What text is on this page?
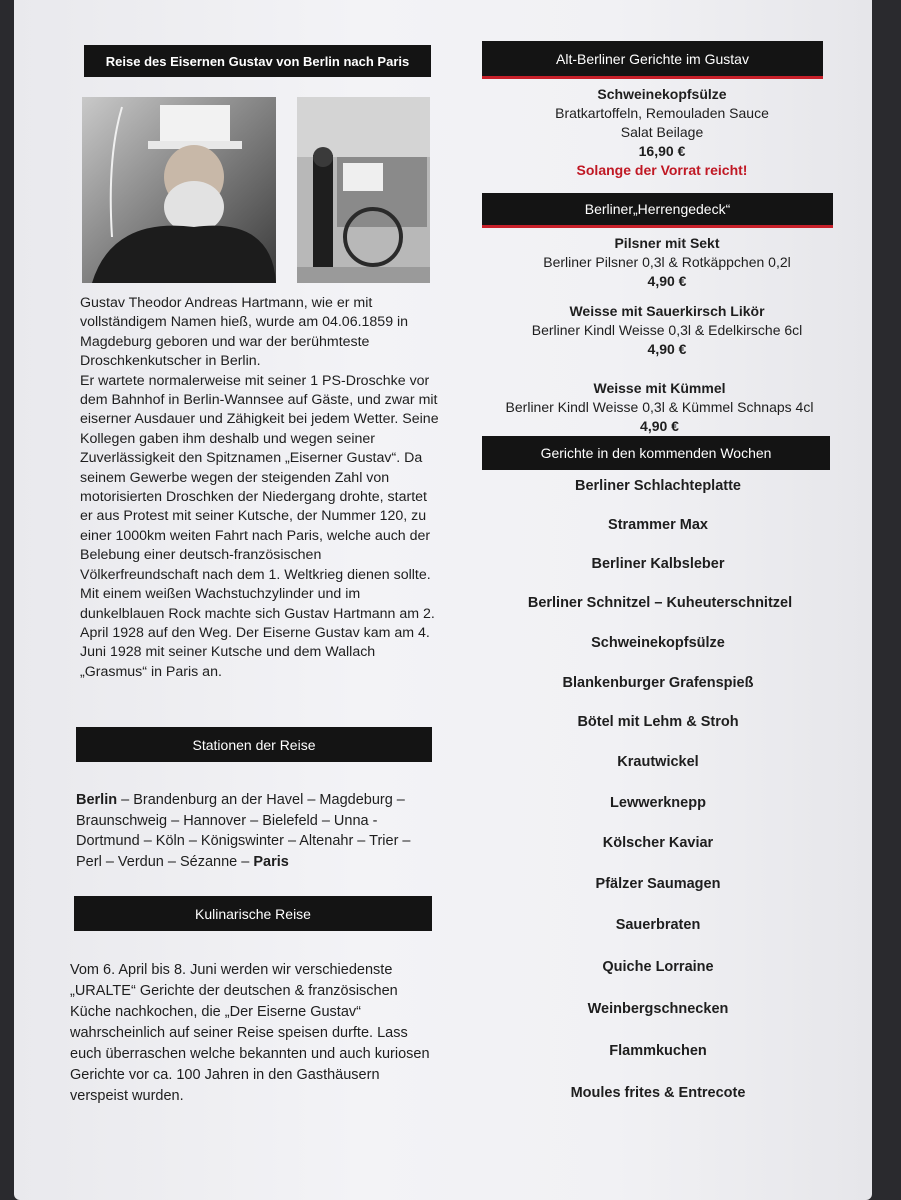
Reise des Eisernen Gustav von Berlin nach Paris

Gustav Theodor Andreas Hartmann, wie er mit vollständigem Namen hieß, wurde am 04.06.1859 in Magdeburg geboren und war der berühmteste Droschkenkutscher in Berlin.

Er wartete normalerweise mit seiner 1 PS-Droschke vor dem Bahnhof in Berlin-Wannsee auf Gäste, und zwar mit eiserner Ausdauer und Zähigkeit bei jedem Wetter. Seine Kollegen gaben ihm deshalb und wegen seiner Zuverlässigkeit den Spitznamen „Eiserner Gustav“. Da seinem Gewerbe wegen der steigenden Zahl von motorisierten Droschken der Niedergang drohte, startet er aus Protest mit seiner Kutsche, der Nummer 120, zu einer 1000km weiten Fahrt nach Paris, welche auch der Belebung einer deutsch-französischen Völkerfreundschaft nach dem 1. Weltkrieg dienen sollte. Mit einem weißen Wachstuchzylinder und im dunkelblauen Rock machte sich Gustav Hartmann am 2. April 1928 auf den Weg. Der Eiserne Gustav kam am 4. Juni 1928 mit seiner Kutsche und dem Wallach „Grasmus“ in Paris an.

Stationen der Reise
Berlin – Brandenburg an der Havel – Magdeburg – Braunschweig – Hannover – Bielefeld – Unna - Dortmund – Köln – Königswinter – Altenahr – Trier – Perl – Verdun – Sézanne – Paris
Kulinarische Reise
Vom 6. April bis 8. Juni werden wir verschiedenste „URALTE“ Gerichte der deutschen & französischen Küche nachkochen, die „Der Eiserne Gustav“ wahrscheinlich auf seiner Reise speisen durfte. Lass euch überraschen welche bekannten und auch kuriosen Gerichte vor ca. 100 Jahren in den Gasthäusern verspeist wurden.
Alt-Berliner Gerichte im Gustav
Schweinekopfsülze
Bratkartoffeln, Remouladen Sauce
Salat Beilage
16,90 €
Solange der Vorrat reicht!
Berliner „Herrengedeck“
Pilsner mit Sekt
Berliner Pilsner 0,3l & Rotkäppchen 0,2l
4,90 €
Weisse mit Sauerkirsch Likör
Berliner Kindl Weisse 0,3l & Edelkirsche 6cl
4,90 €
Weisse mit Kümmel
Berliner Kindl Weisse 0,3l & Kümmel Schnaps 4cl
4,90 €
Gerichte in den kommenden Wochen
Berliner Schlachteplatte
Strammer Max
Berliner Kalbsleber
Berliner Schnitzel – Kuheuterschnitzel
Schweinekopfsülze
Blankenburger Grafenspieß
Bötel mit Lehm & Stroh
Krautwickel
Lewwerknepp
Kölscher Kaviar
Pfälzer Saumagen
Sauerbraten
Quiche Lorraine
Weinbergschnecken
Flammkuchen
Moules frites & Entrecote
